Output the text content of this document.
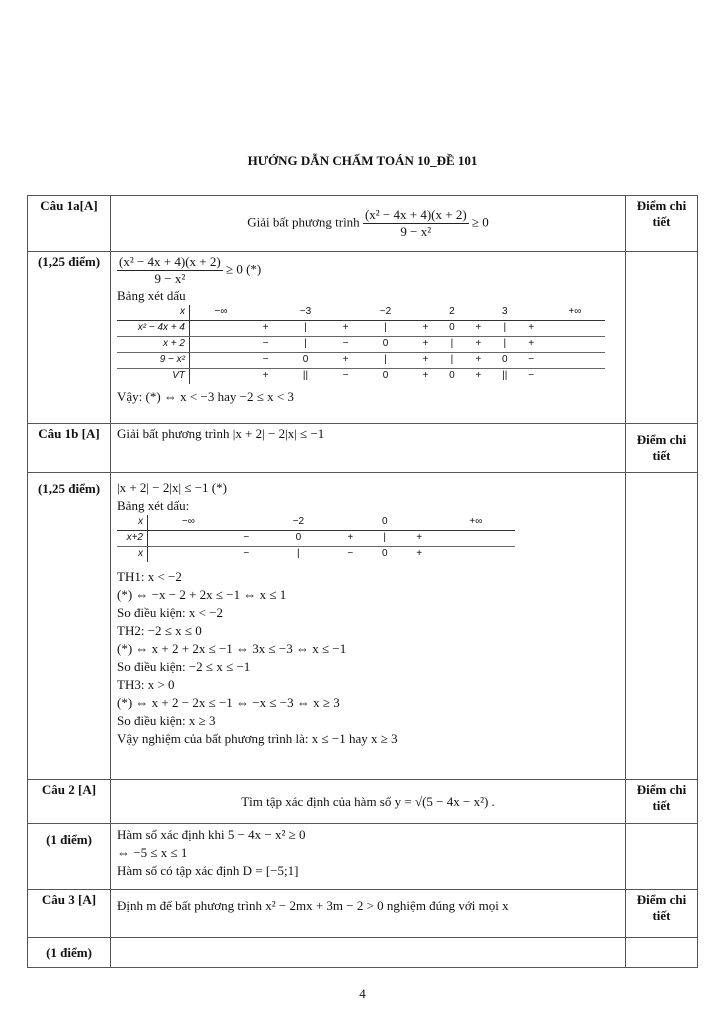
HƯỚNG DẪN CHẤM TOÁN 10_ĐỀ 101
Câu 1a[A]	Giải bất phương trình $\frac{\text{(x² − 4x + 4)(x + 2)}}{\text{9 − x²}} \ge 0$	Điểm chi tiết
(1,25 điểm)	$\frac{\text{(x² − 4x + 4)(x + 2)}}{\text{9 − x²}} \ge 0$ (*)
Bảng xét dấu
x	−∞		−3		−2		2		3		+∞
x² − 4x + 4		+	|	+	|	+	0	+	|	+	
x + 2		−	|	−	0	+	|	+	|	+	
9 − x²		−	0	+	|	+	|	+	0	−	
VT		+	||	−	0	+	0	+	||	−	
Vậy: (*) ⇔ x < −3 hay −2 ≤ x < 3

Câu 1b [A]	Giải bất phương trình |x + 2| − 2|x| ≤ −1	Điểm chi tiết
(1,25 điểm)	|x + 2| − 2|x| ≤ −1 (*)
Bảng xét dấu:
x	−∞		−2		0		+∞
x+2		−	0	+	|	+	
x		−	|	−	0	+	
TH1: x < −2
(*) ⇔ −x − 2 + 2x ≤ −1 ⇔ x ≤ 1
So điều kiện: x < −2
TH2: −2 ≤ x ≤ 0
(*) ⇔ x + 2 + 2x ≤ −1 ⇔ 3x ≤ −3 ⇔ x ≤ −1
So điều kiện: −2 ≤ x ≤ −1
TH3: x > 0
(*) ⇔ x + 2 − 2x ≤ −1 ⇔ −x ≤ −3 ⇔ x ≥ 3
So điều kiện: x ≥ 3
Vậy nghiệm của bất phương trình là: x ≤ −1 hay x ≥ 3

Câu 2 [A]	Tìm tập xác định của hàm số y = √(5 − 4x − x²) .	Điểm chi tiết
(1 điểm)	Hàm số xác định khi 5 − 4x − x² ≥ 0
⇔ −5 ≤ x ≤ 1
Hàm số có tập xác định D = [−5;1]

Câu 3 [A]	Định m để bất phương trình x² − 2mx + 3m − 2 > 0 nghiệm đúng với mọi x	Điểm chi tiết
(1 điểm)		
4
